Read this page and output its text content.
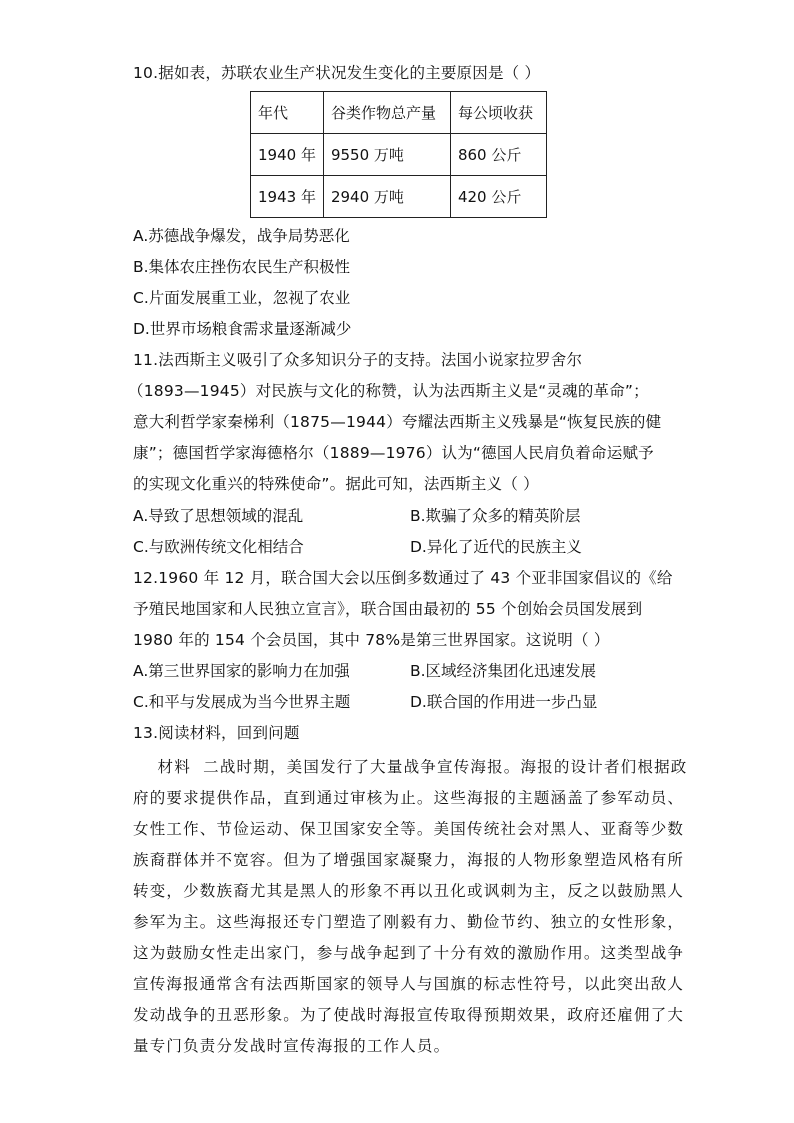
10.据如表，苏联农业生产状况发生变化的主要原因是（ ）
年代	谷类作物总产量	每公顷收获
1940 年	9550 万吨	860 公斤
1943 年	2940 万吨	420 公斤
A.苏德战争爆发，战争局势恶化
B.集体农庄挫伤农民生产积极性
C.片面发展重工业，忽视了农业
D.世界市场粮食需求量逐渐减少
11.法西斯主义吸引了众多知识分子的支持。法国小说家拉罗舍尔
（1893—1945）对民族与文化的称赞，认为法西斯主义是“灵魂的革命”；
意大利哲学家秦梯利（1875—1944）夸耀法西斯主义残暴是“恢复民族的健
康”；德国哲学家海德格尔（1889—1976）认为“德国人民肩负着命运赋予
的实现文化重兴的特殊使命”。据此可知，法西斯主义（ ）
A.导致了思想领域的混乱	B.欺骗了众多的精英阶层
C.与欧洲传统文化相结合	D.异化了近代的民族主义
12.1960 年 12 月，联合国大会以压倒多数通过了 43 个亚非国家倡议的《给
予殖民地国家和人民独立宣言》，联合国由最初的 55 个创始会员国发展到
1980 年的 154 个会员国，其中 78%是第三世界国家。这说明（ ）
A.第三世界国家的影响力在加强	B.区域经济集团化迅速发展
C.和平与发展成为当今世界主题	D.联合国的作用进一步凸显
13.阅读材料，回到问题
材料  二战时期，美国发行了大量战争宣传海报。海报的设计者们根据政
府的要求提供作品，直到通过审核为止。这些海报的主题涵盖了参军动员、
女性工作、节俭运动、保卫国家安全等。美国传统社会对黑人、亚裔等少数
族裔群体并不宽容。但为了增强国家凝聚力，海报的人物形象塑造风格有所
转变，少数族裔尤其是黑人的形象不再以丑化或讽刺为主，反之以鼓励黑人
参军为主。这些海报还专门塑造了刚毅有力、勤俭节约、独立的女性形象，
这为鼓励女性走出家门，参与战争起到了十分有效的激励作用。这类型战争
宣传海报通常含有法西斯国家的领导人与国旗的标志性符号，以此突出敌人
发动战争的丑恶形象。为了使战时海报宣传取得预期效果，政府还雇佣了大
量专门负责分发战时宣传海报的工作人员。
